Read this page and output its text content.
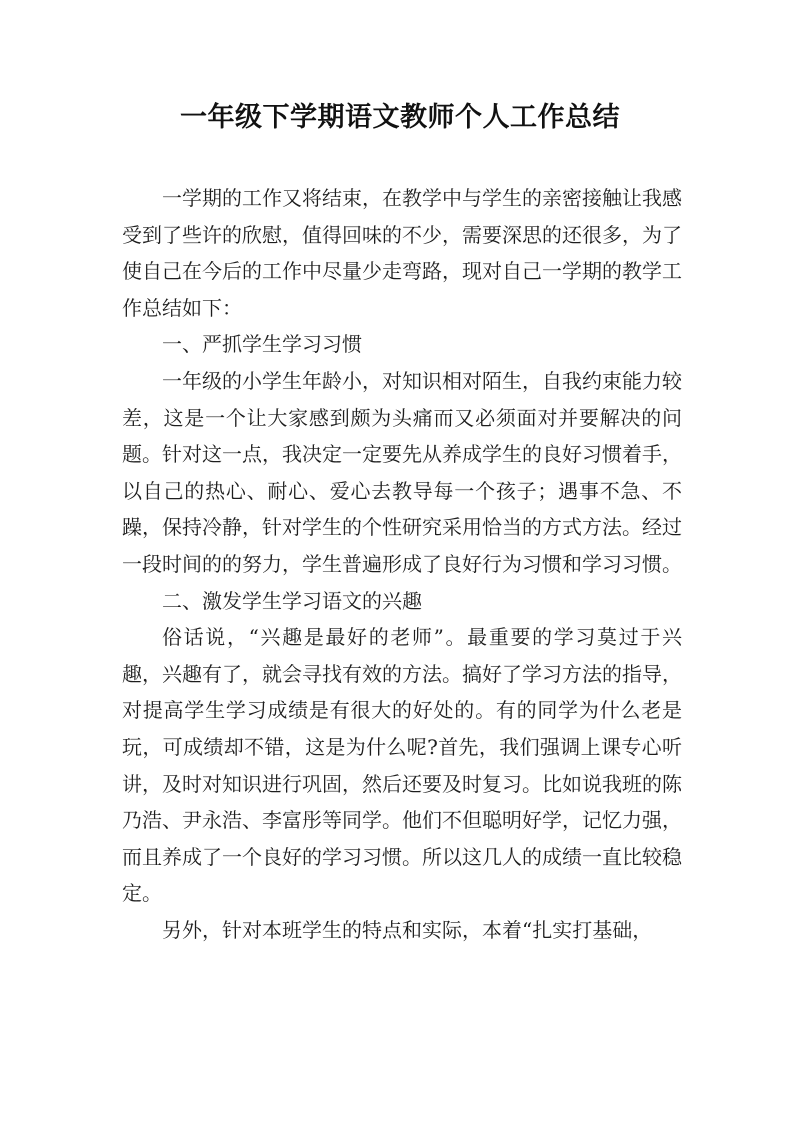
一年级下学期语文教师个人工作总结

一学期的工作又将结束，在教学中与学生的亲密接触让我感受到了些许的欣慰，值得回味的不少，需要深思的还很多，为了使自己在今后的工作中尽量少走弯路，现对自己一学期的教学工作总结如下：

一、严抓学生学习习惯

一年级的小学生年龄小，对知识相对陌生，自我约束能力较差，这是一个让大家感到颇为头痛而又必须面对并要解决的问题。针对这一点，我决定一定要先从养成学生的良好习惯着手，以自己的热心、耐心、爱心去教导每一个孩子；遇事不急、不躁，保持冷静，针对学生的个性研究采用恰当的方式方法。经过一段时间的的努力，学生普遍形成了良好行为习惯和学习习惯。

二、激发学生学习语文的兴趣

俗话说，“兴趣是最好的老师”。最重要的学习莫过于兴趣，兴趣有了，就会寻找有效的方法。搞好了学习方法的指导，对提高学生学习成绩是有很大的好处的。有的同学为什么老是玩，可成绩却不错，这是为什么呢?首先，我们强调上课专心听讲，及时对知识进行巩固，然后还要及时复习。比如说我班的陈乃浩、尹永浩、李富彤等同学。他们不但聪明好学，记忆力强，而且养成了一个良好的学习习惯。所以这几人的成绩一直比较稳定。

另外，针对本班学生的特点和实际，本着“扎实打基础，
